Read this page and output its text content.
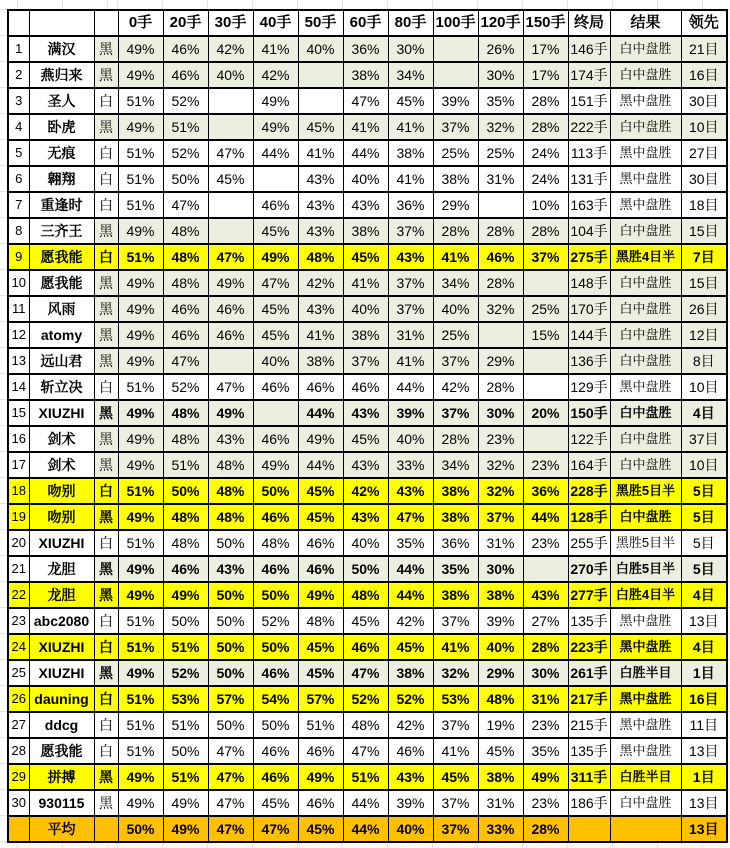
			0手	20手	30手	40手	50手	60手	80手	100手	120手	150手	终局	结果	领先
1	满汉	黑	49%	46%	42%	41%	40%	36%	30%		26%	17%	146手	白中盘胜	21目
2	燕归来	黑	49%	46%	40%	42%		38%	34%		30%	17%	174手	白中盘胜	16目
3	圣人	白	51%	52%		49%		47%	45%	39%	35%	28%	151手	黑中盘胜	30目
4	卧虎	黑	49%	51%		49%	45%	41%	41%	37%	32%	28%	222手	白中盘胜	10目
5	无痕	白	51%	52%	47%	44%	41%	44%	38%	25%	25%	24%	113手	黑中盘胜	27目
6	翱翔	白	51%	50%	45%		43%	40%	41%	38%	31%	24%	131手	黑中盘胜	30目
7	重逢时	白	51%	47%		46%	43%	43%	36%	29%		10%	163手	黑中盘胜	18目
8	三齐王	黑	49%	48%		45%	43%	38%	37%	28%	28%	28%	104手	白中盘胜	15目
9	愿我能	白	51%	48%	47%	49%	48%	45%	43%	41%	46%	37%	275手	黑胜4目半	7目
10	愿我能	黑	49%	48%	49%	47%	42%	41%	37%	34%	28%		148手	白中盘胜	15目
11	风雨	黑	49%	46%	46%	45%	43%	40%	37%	40%	32%	25%	170手	白中盘胜	26目
12	atomy	黑	49%	46%	46%	45%	41%	38%	31%	25%		15%	144手	白中盘胜	12目
13	远山君	黑	49%	47%		40%	38%	37%	41%	37%	29%		136手	白中盘胜	8目
14	斩立决	白	51%	52%	47%	46%	46%	46%	44%	42%	28%		129手	黑中盘胜	10目
15	XIUZHI	黑	49%	48%	49%		44%	43%	39%	37%	30%	20%	150手	白中盘胜	4目
16	剑术	黑	49%	48%	43%	46%	49%	45%	40%	28%	23%		122手	白中盘胜	37目
17	剑术	黑	49%	51%	48%	49%	44%	43%	33%	34%	32%	23%	164手	白中盘胜	10目
18	吻别	白	51%	50%	48%	50%	45%	42%	43%	38%	32%	36%	228手	黑胜5目半	5目
19	吻别	黑	49%	48%	48%	46%	45%	43%	47%	38%	37%	44%	128手	白中盘胜	5目
20	XIUZHI	白	51%	48%	50%	48%	46%	40%	35%	36%	31%	23%	255手	黑胜5目半	5目
21	龙胆	黑	49%	46%	43%	46%	46%	50%	44%	35%	30%		270手	白胜5目半	5目
22	龙胆	黑	49%	49%	50%	50%	49%	48%	44%	38%	38%	43%	277手	白胜4目半	4目
23	abc2080	白	51%	50%	50%	52%	48%	45%	42%	37%	39%	27%	135手	黑中盘胜	13目
24	XIUZHI	白	51%	51%	50%	50%	45%	46%	45%	41%	40%	28%	223手	黑中盘胜	4目
25	XIUZHI	黑	49%	52%	50%	46%	45%	47%	38%	32%	29%	30%	261手	白胜半目	1目
26	dauning	白	51%	53%	57%	54%	57%	52%	52%	53%	48%	31%	217手	黑中盘胜	16目
27	ddcg	白	51%	51%	50%	50%	51%	48%	42%	37%	19%	23%	215手	黑中盘胜	11目
28	愿我能	白	51%	50%	47%	46%	46%	47%	46%	41%	45%	35%	135手	黑中盘胜	13目
29	拼搏	黑	49%	51%	47%	46%	49%	51%	43%	45%	38%	49%	311手	白胜半目	1目
30	930115	黑	49%	49%	47%	45%	46%	44%	39%	37%	31%	23%	186手	白中盘胜	13目
	平均		50%	49%	47%	47%	45%	44%	40%	37%	33%	28%			13目
